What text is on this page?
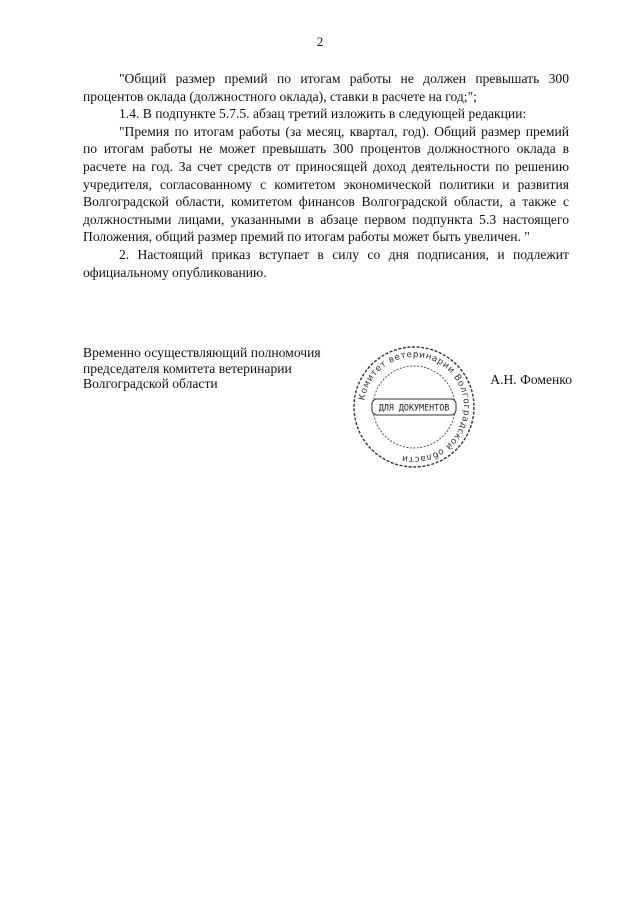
2

"Общий размер премий по итогам работы не должен превышать 300 процентов оклада (должностного оклада), ставки в расчете на год;";

1.4. В подпункте 5.7.5. абзац третий изложить в следующей редакции:

"Премия по итогам работы (за месяц, квартал, год). Общий размер премий по итогам работы не может превышать 300 процентов должностного оклада в расчете на год. За счет средств от приносящей доход деятельности по решению учредителя, согласованному с комитетом экономической политики и развития Волгоградской области, комитетом финансов Волгоградской области, а также с должностными лицами, указанными в абзаце первом подпункта 5.3 настоящего Положения, общий размер премий по итогам работы может быть увеличен. "

2. Настоящий приказ вступает в силу со дня подписания, и подлежит официальному опубликованию.

Временно осуществляющий полномочия
председателя комитета ветеринарии
Волгоградской области	А.Н. Фоменко
Комитет ветеринарии Волгоградской области
ДЛЯ ДОКУМЕНТОВ
